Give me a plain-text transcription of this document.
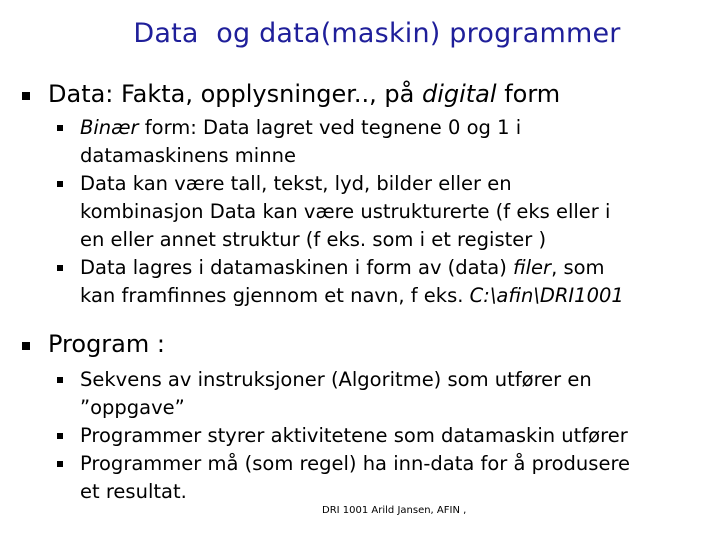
Data  og data(maskin) programmer
Data: Fakta, opplysninger.., på digital form
Binær form: Data lagret ved tegnene 0 og 1 i
datamaskinens minne
Data kan være tall, tekst, lyd, bilder eller en
kombinasjon Data kan være ustrukturerte (f eks eller i
en eller annet struktur (f eks. som i et register )
Data lagres i datamaskinen i form av (data) filer, som
kan framfinnes gjennom et navn, f eks. C:\afin\DRI1001
Program :
Sekvens av instruksjoner (Algoritme) som utfører en
”oppgave”
Programmer styrer aktivitetene som datamaskin utfører
Programmer må (som regel) ha inn-data for å produsere
et resultat.
DRI 1001 Arild Jansen, AFIN ,
